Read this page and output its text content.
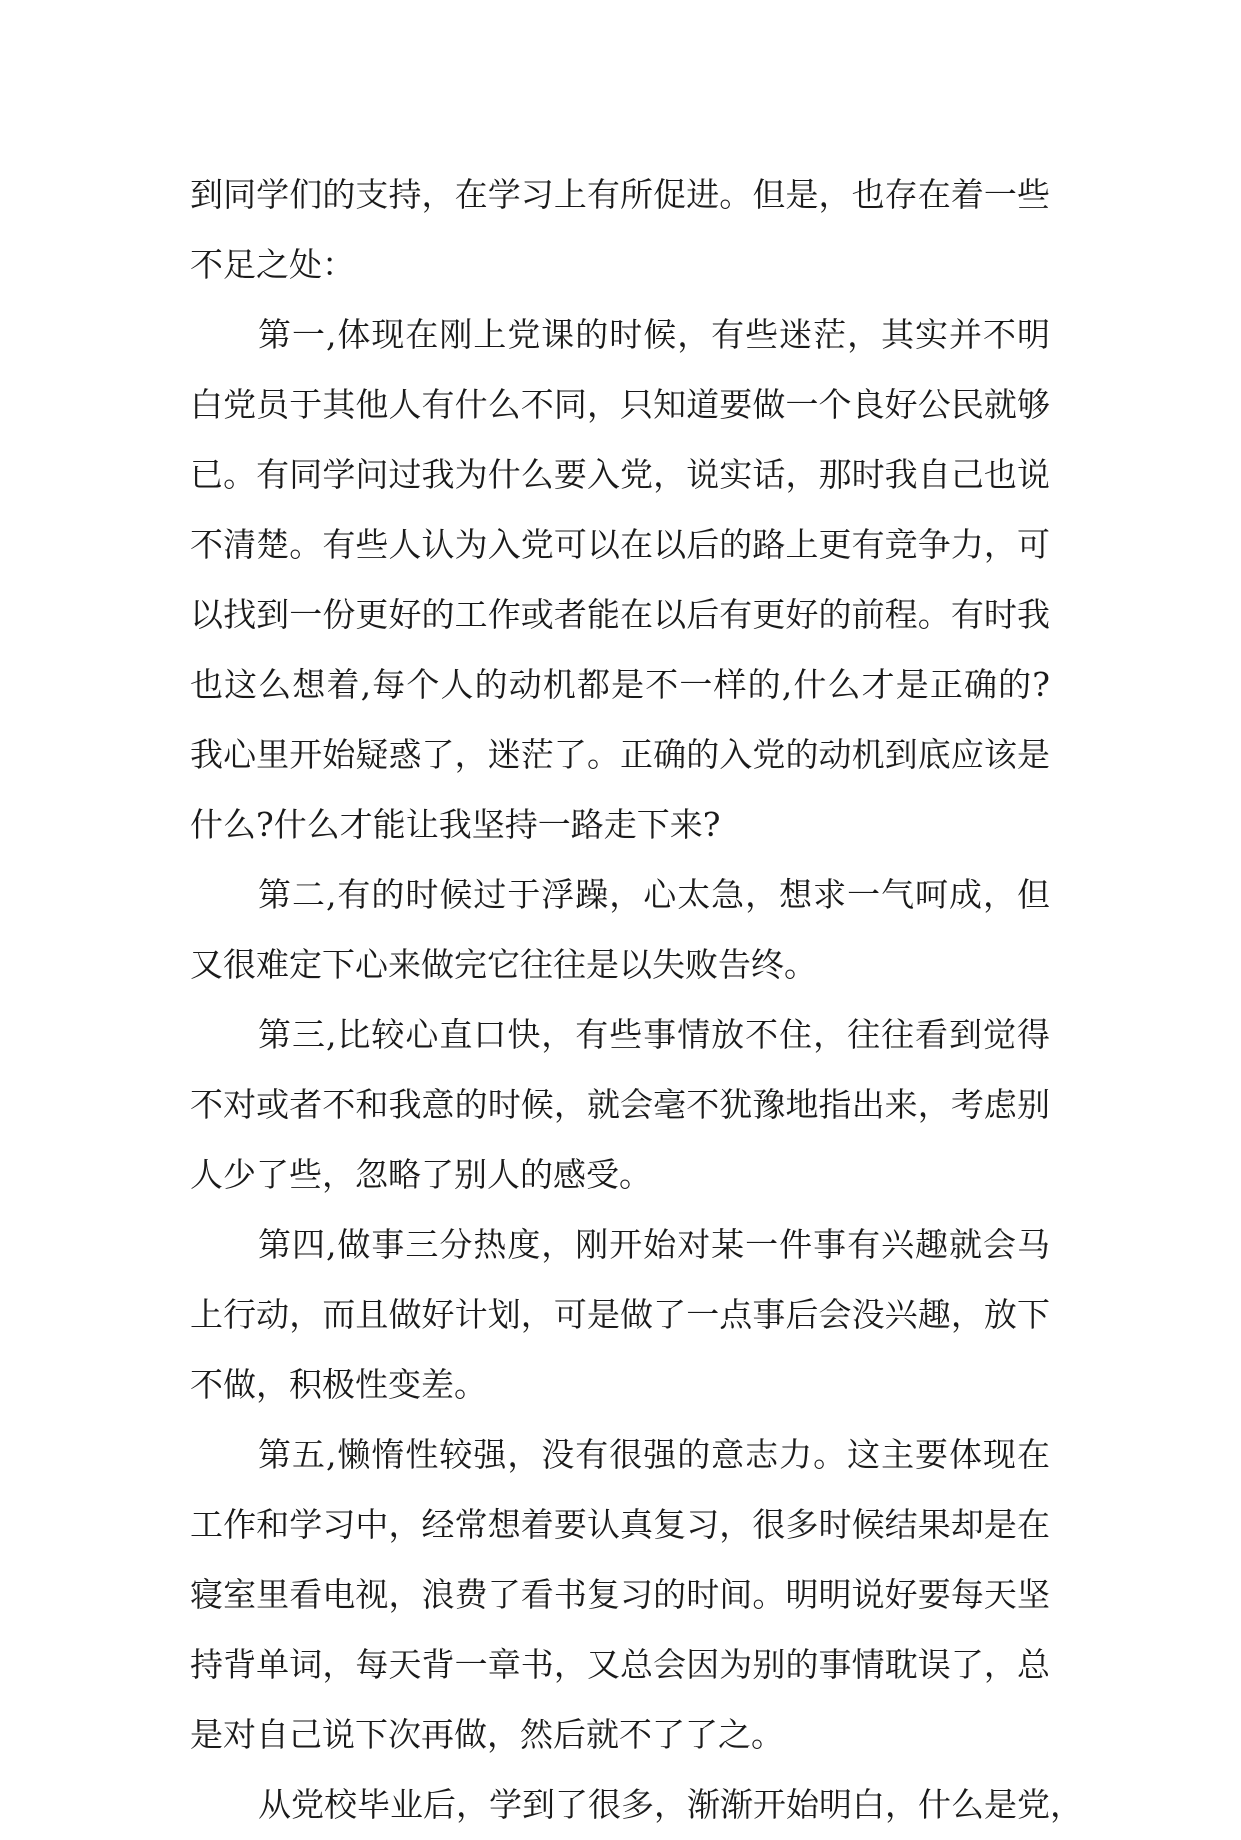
到同学们的支持，在学习上有所促进。但是，也存在着一些
不足之处：
第一,体现在刚上党课的时候，有些迷茫，其实并不明
白党员于其他人有什么不同，只知道要做一个良好公民就够
已。有同学问过我为什么要入党，说实话，那时我自己也说
不清楚。有些人认为入党可以在以后的路上更有竞争力，可
以找到一份更好的工作或者能在以后有更好的前程。有时我
也这么想着,每个人的动机都是不一样的,什么才是正确的?
我心里开始疑惑了，迷茫了。正确的入党的动机到底应该是
什么?什么才能让我坚持一路走下来?
第二,有的时候过于浮躁，心太急，想求一气呵成，但
又很难定下心来做完它往往是以失败告终。
第三,比较心直口快，有些事情放不住，往往看到觉得
不对或者不和我意的时候，就会毫不犹豫地指出来，考虑别
人少了些，忽略了别人的感受。
第四,做事三分热度，刚开始对某一件事有兴趣就会马
上行动，而且做好计划，可是做了一点事后会没兴趣，放下
不做，积极性变差。
第五,懒惰性较强，没有很强的意志力。这主要体现在
工作和学习中，经常想着要认真复习，很多时候结果却是在
寝室里看电视，浪费了看书复习的时间。明明说好要每天坚
持背单词，每天背一章书，又总会因为别的事情耽误了，总
是对自己说下次再做，然后就不了了之。
从党校毕业后，学到了很多，渐渐开始明白，什么是党，
